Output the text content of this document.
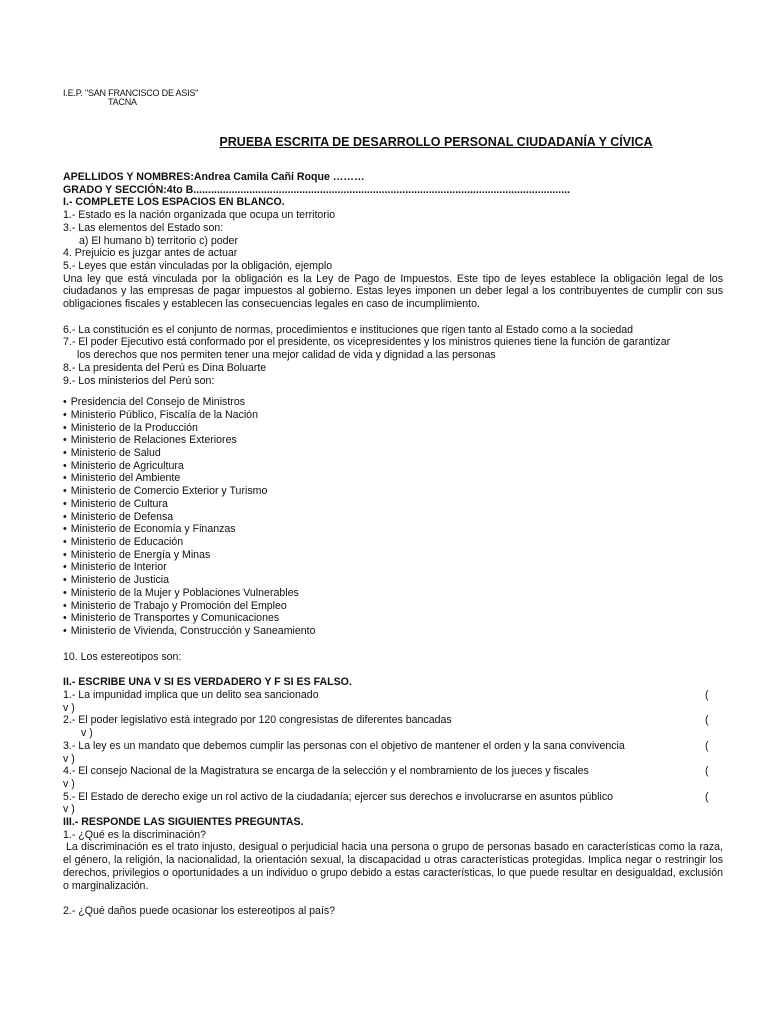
I.E.P. "SAN FRANCISCO DE ASIS"
TACNA
PRUEBA ESCRITA DE DESARROLLO PERSONAL CIUDADANÍA Y CÍVICA
APELLIDOS Y NOMBRES:Andrea Camila Cañi Roque ………
GRADO Y SECCIÓN:4to B................................................................................................................................
I.- COMPLETE LOS ESPACIOS EN BLANCO.
1.- Estado es la nación organizada que ocupa un territorio
3.- Las elementos del Estado son:
a) El humano b) territorio c) poder
4. Prejuicio es juzgar antes de actuar
5.- Leyes que están vinculadas por la obligación, ejemplo
Una ley que está vinculada por la obligación es la Ley de Pago de Impuestos. Este tipo de leyes establece la obligación legal de los ciudadanos y las empresas de pagar impuestos al gobierno. Estas leyes imponen un deber legal a los contribuyentes de cumplir con sus obligaciones fiscales y establecen las consecuencias legales en caso de incumplimiento.
6.- La constitución es el conjunto de normas, procedimientos e instituciones que rigen tanto al Estado como a la sociedad
7.- El poder Ejecutivo está conformado por el presidente, os vicepresidentes y los ministros quienes tiene la función de garantizar
los derechos que nos permiten tener una mejor calidad de vida y dignidad a las personas
8.- La presidenta del Perú es Dina Boluarte
9.- Los ministerios del Perú son:
• Presidencia del Consejo de Ministros
• Ministerio Público, Fiscalía de la Nación
• Ministerio de la Producción
• Ministerio de Relaciones Exteriores
• Ministerio de Salud
• Ministerio de Agricultura
• Ministerio del Ambiente
• Ministerio de Comercio Exterior y Turismo
• Ministerio de Cultura
• Ministerio de Defensa
• Ministerio de Economía y Finanzas
• Ministerio de Educación
• Ministerio de Energía y Minas
• Ministerio de Interior
• Ministerio de Justicia
• Ministerio de la Mujer y Poblaciones Vulnerables
• Ministerio de Trabajo y Promoción del Empleo
• Ministerio de Transportes y Comunicaciones
• Ministerio de Vivienda, Construcción y Saneamiento
10. Los estereotipos son:
II.- ESCRIBE UNA V SI ES VERDADERO Y F SI ES FALSO.
1.- La impunidad implica que un delito sea sancionado	(
v )
2.- El poder legislativo está integrado por 120 congresistas de diferentes bancadas	(
v )
3.- La ley es un mandato que debemos cumplir las personas con el objetivo de mantener el orden y la sana convivencia	(
v )
4.- El consejo Nacional de la Magistratura se encarga de la selección y el nombramiento de los jueces y fiscales	(
v )
5.- El Estado de derecho exige un rol activo de la ciudadanía; ejercer sus derechos e involucrarse en asuntos público	(
v )
III.- RESPONDE LAS SIGUIENTES PREGUNTAS.
1.- ¿Qué es la discriminación?
La discriminación es el trato injusto, desigual o perjudicial hacia una persona o grupo de personas basado en características como la raza, el género, la religión, la nacionalidad, la orientación sexual, la discapacidad u otras características protegidas. Implica negar o restringir los derechos, privilegios o oportunidades a un individuo o grupo debido a estas características, lo que puede resultar en desigualdad, exclusión o marginalización.
2.- ¿Qué daños puede ocasionar los estereotipos al país?
